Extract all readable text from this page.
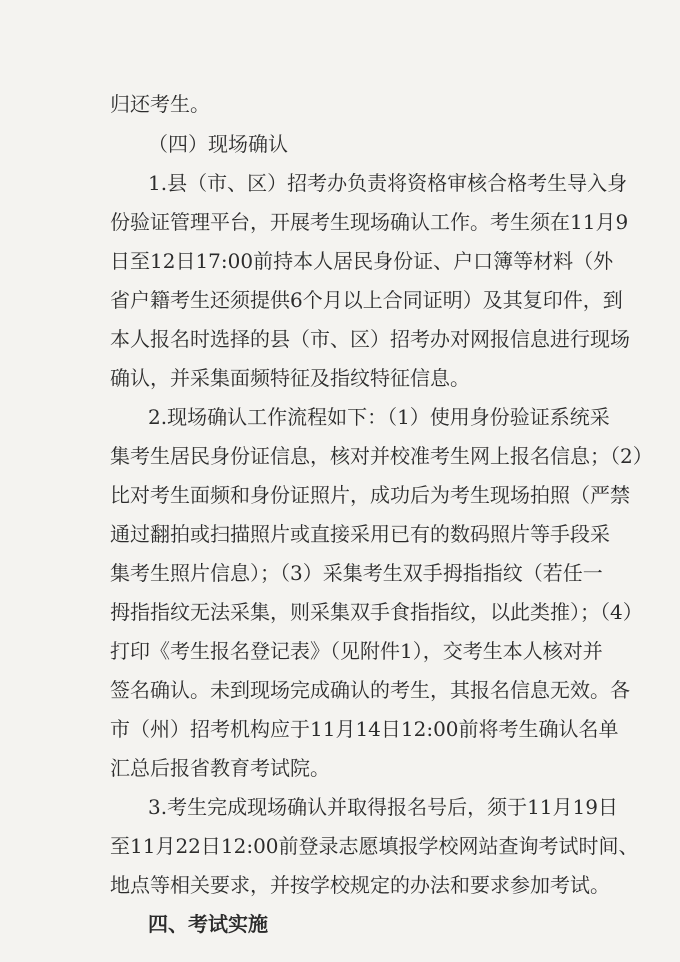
归还考生。
（四）现场确认
1.县（市、区）招考办负责将资格审核合格考生导入身
份验证管理平台，开展考生现场确认工作。考生须在11月9
日至12日17:00前持本人居民身份证、户口簿等材料（外
省户籍考生还须提供6个月以上合同证明）及其复印件，到
本人报名时选择的县（市、区）招考办对网报信息进行现场
确认，并采集面频特征及指纹特征信息。
2.现场确认工作流程如下：（1）使用身份验证系统采
集考生居民身份证信息，核对并校准考生网上报名信息；（2）
比对考生面频和身份证照片，成功后为考生现场拍照（严禁
通过翻拍或扫描照片或直接采用已有的数码照片等手段采
集考生照片信息）；（3）采集考生双手拇指指纹（若任一
拇指指纹无法采集，则采集双手食指指纹，以此类推）；（4）
打印《考生报名登记表》（见附件1），交考生本人核对并
签名确认。未到现场完成确认的考生，其报名信息无效。各
市（州）招考机构应于11月14日12:00前将考生确认名单
汇总后报省教育考试院。
3.考生完成现场确认并取得报名号后，须于11月19日
至11月22日12:00前登录志愿填报学校网站查询考试时间、
地点等相关要求，并按学校规定的办法和要求参加考试。
四、考试实施
